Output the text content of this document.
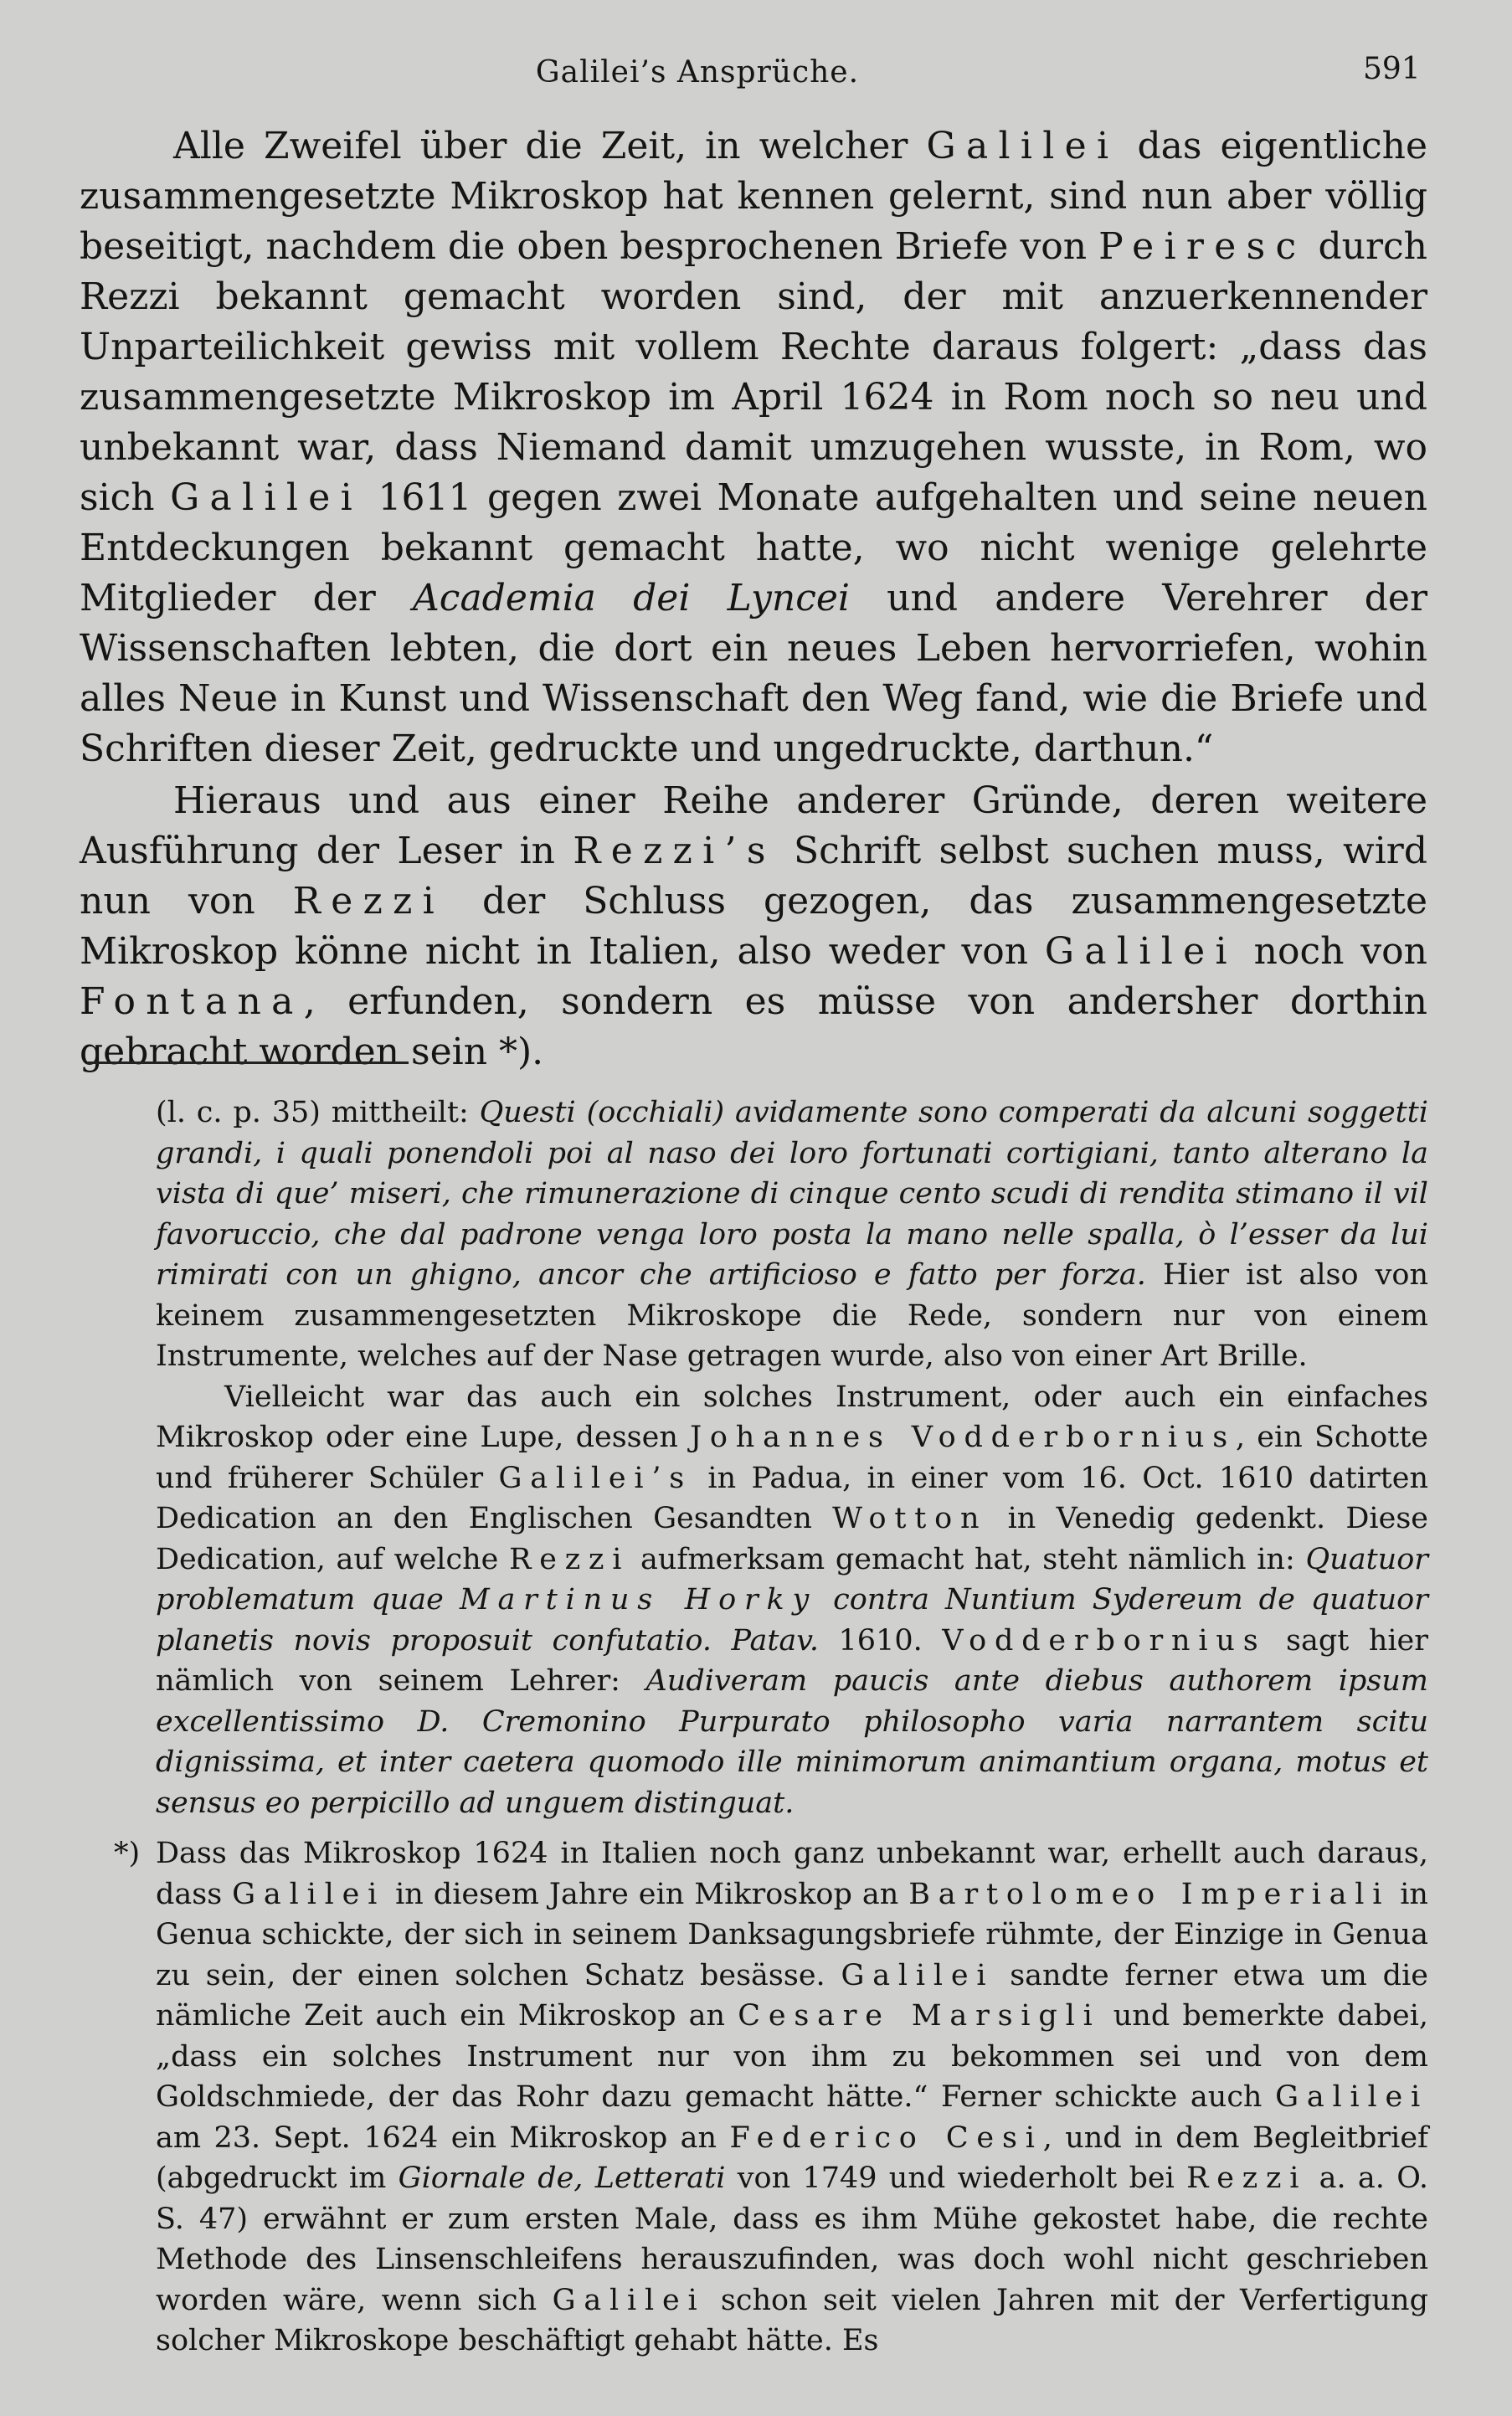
Galilei’s Ansprüche.	591

Alle Zweifel über die Zeit, in welcher Galilei das eigentliche zusammengesetzte Mikroskop hat kennen gelernt, sind nun aber völlig beseitigt, nachdem die oben besprochenen Briefe von Peiresc durch Rezzi bekannt gemacht worden sind, der mit anzuerkennender Unparteilichkeit gewiss mit vollem Rechte daraus folgert: „dass das zusammengesetzte Mikroskop im April 1624 in Rom noch so neu und unbekannt war, dass Niemand damit umzugehen wusste, in Rom, wo sich Galilei 1611 gegen zwei Monate aufgehalten und seine neuen Entdeckungen bekannt gemacht hatte, wo nicht wenige gelehrte Mitglieder der Academia dei Lyncei und andere Verehrer der Wissenschaften lebten, die dort ein neues Leben hervorriefen, wohin alles Neue in Kunst und Wissenschaft den Weg fand, wie die Briefe und Schriften dieser Zeit, gedruckte und ungedruckte, darthun.“

Hieraus und aus einer Reihe anderer Gründe, deren weitere Ausführung der Leser in Rezzi’s Schrift selbst suchen muss, wird nun von Rezzi der Schluss gezogen, das zusammengesetzte Mikroskop könne nicht in Italien, also weder von Galilei noch von Fontana, erfunden, sondern es müsse von andersher dorthin gebracht worden sein *).

(l. c. p. 35) mittheilt: Questi (occhiali) avidamente sono comperati da alcuni soggetti grandi, i quali ponendoli poi al naso dei loro fortunati cortigiani, tanto alterano la vista di que’ miseri, che rimunerazione di cinque cento scudi di rendita stimano il vil favoruccio, che dal padrone venga loro posta la mano nelle spalla, ò l’esser da lui rimirati con un ghigno, ancor che artificioso e fatto per forza. Hier ist also von keinem zusammengesetzten Mikroskope die Rede, sondern nur von einem Instrumente, welches auf der Nase getragen wurde, also von einer Art Brille.

Vielleicht war das auch ein solches Instrument, oder auch ein einfaches Mikroskop oder eine Lupe, dessen Johannes Vodderbornius, ein Schotte und früherer Schüler Galilei’s in Padua, in einer vom 16. Oct. 1610 datirten Dedication an den Englischen Gesandten Wotton in Venedig gedenkt. Diese Dedication, auf welche Rezzi aufmerksam gemacht hat, steht nämlich in: Quatuor problematum quae Martinus Horky contra Nuntium Sydereum de quatuor planetis novis proposuit confutatio. Patav. 1610. Vodderbornius sagt hier nämlich von seinem Lehrer: Audiveram paucis ante diebus authorem ipsum excellentissimo D. Cremonino Purpurato philosopho varia narrantem scitu dignissima, et inter caetera quomodo ille minimorum animantium organa, motus et sensus eo perpicillo ad unguem distinguat.

*) Dass das Mikroskop 1624 in Italien noch ganz unbekannt war, erhellt auch daraus, dass Galilei in diesem Jahre ein Mikroskop an Bartolomeo Imperiali in Genua schickte, der sich in seinem Danksagungsbriefe rühmte, der Einzige in Genua zu sein, der einen solchen Schatz besässe. Galilei sandte ferner etwa um die nämliche Zeit auch ein Mikroskop an Cesare Marsigli und bemerkte dabei, „dass ein solches Instrument nur von ihm zu bekommen sei und von dem Goldschmiede, der das Rohr dazu gemacht hätte.“ Ferner schickte auch Galilei am 23. Sept. 1624 ein Mikroskop an Federico Cesi, und in dem Begleitbrief (abgedruckt im Giornale de, Letterati von 1749 und wiederholt bei Rezzi a. a. O. S. 47) erwähnt er zum ersten Male, dass es ihm Mühe gekostet habe, die rechte Methode des Linsenschleifens herauszufinden, was doch wohl nicht geschrieben worden wäre, wenn sich Galilei schon seit vielen Jahren mit der Verfertigung solcher Mikroskope beschäftigt gehabt hätte. Es
